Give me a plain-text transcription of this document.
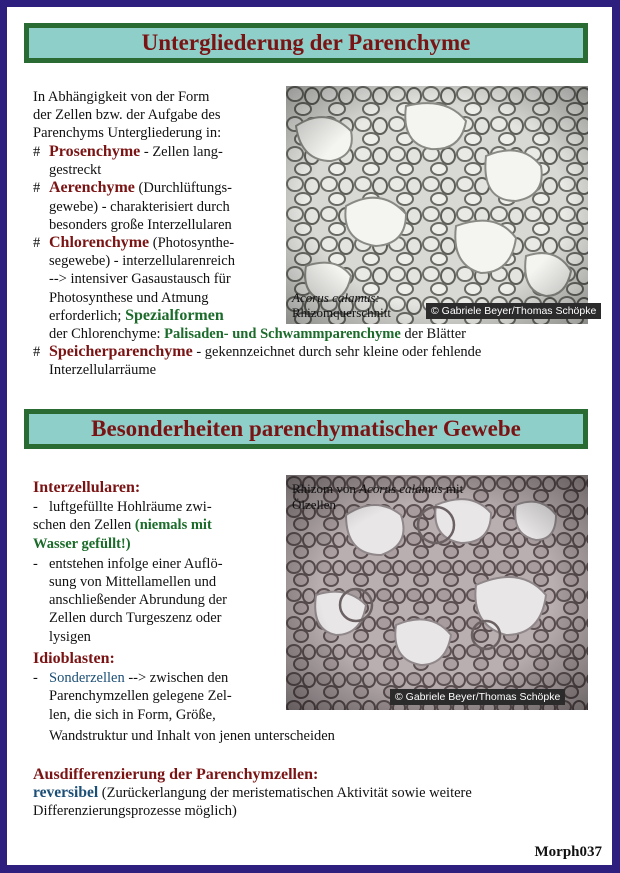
Untergliederung der Parenchyme
Acorus calamus:
Rhizomquerschnitt	© Gabriele Beyer/Thomas Schöpke
In Abhängigkeit von der Form
der Zellen bzw. der Aufgabe des
Parenchyms Untergliederung in:
# Prosenchyme - Zellen lang-
gestreckt
# Aerenchyme (Durchlüftungs-
gewebe) - charakterisiert durch
besonders große Interzellularen
# Chlorenchyme (Photosynthe-
segewebe) - interzellularenreich
--> intensiver Gasaustausch für
Photosynthese und Atmung
erforderlich; Spezialformen
der Chlorenchyme: Palisaden- und Schwammparenchyme der Blätter
# Speicherparenchyme - gekennzeichnet durch sehr kleine oder fehlende
Interzellularräume
Besonderheiten parenchymatischer Gewebe
Rhizom von Acorus calamus mit
Ölzellen
© Gabriele Beyer/Thomas Schöpke
Interzellularen:
- luftgefüllte Hohlräume zwi-
schen den Zellen (niemals mit
Wasser gefüllt!)
- entstehen infolge einer Auflö-
sung von Mittellamellen und
anschließender Abrundung der
Zellen durch Turgeszenz oder
lysigen
Idioblasten:
- Sonderzellen --> zwischen den
Parenchymzellen gelegene Zel-
len, die sich in Form, Größe,
Wandstruktur und Inhalt von jenen unterscheiden
Ausdifferenzierung der Parenchymzellen:
reversibel (Zurückerlangung der meristematischen Aktivität sowie weitere
Differenzierungsprozesse möglich)
Morph037
